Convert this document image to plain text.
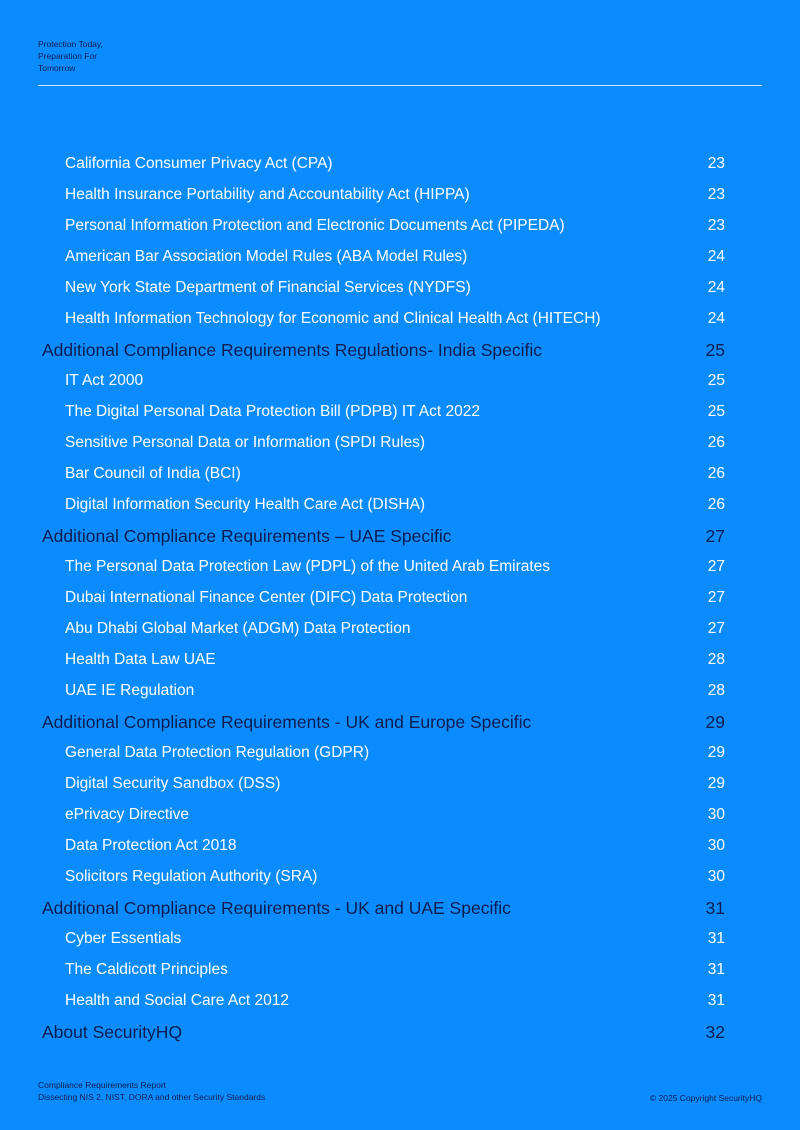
Protection Today,
Preparation For
Tomorrow
California Consumer Privacy Act (CPA)	23
Health Insurance Portability and Accountability Act (HIPPA)	23
Personal Information Protection and Electronic Documents Act (PIPEDA)	23
American Bar Association Model Rules (ABA Model Rules)	24
New York State Department of Financial Services (NYDFS)	24
Health Information Technology for Economic and Clinical Health Act (HITECH)	24
Additional Compliance Requirements Regulations- India Specific	25
IT Act 2000	25
The Digital Personal Data Protection Bill (PDPB) IT Act 2022	25
Sensitive Personal Data or Information (SPDI Rules)	26
Bar Council of India (BCI)	26
Digital Information Security Health Care Act (DISHA)	26
Additional Compliance Requirements – UAE Specific	27
The Personal Data Protection Law (PDPL) of the United Arab Emirates	27
Dubai International Finance Center (DIFC) Data Protection	27
Abu Dhabi Global Market (ADGM) Data Protection	27
Health Data Law UAE	28
UAE IE Regulation	28
Additional Compliance Requirements - UK and Europe Specific	29
General Data Protection Regulation (GDPR)	29
Digital Security Sandbox (DSS)	29
ePrivacy Directive	30
Data Protection Act 2018	30
Solicitors Regulation Authority (SRA)	30
Additional Compliance Requirements - UK and UAE Specific	31
Cyber Essentials	31
The Caldicott Principles	31
Health and Social Care Act 2012	31
About SecurityHQ	32
Compliance Requirements Report
Dissecting NIS 2, NIST, DORA and other Security Standards	© 2025 Copyright SecurityHQ
